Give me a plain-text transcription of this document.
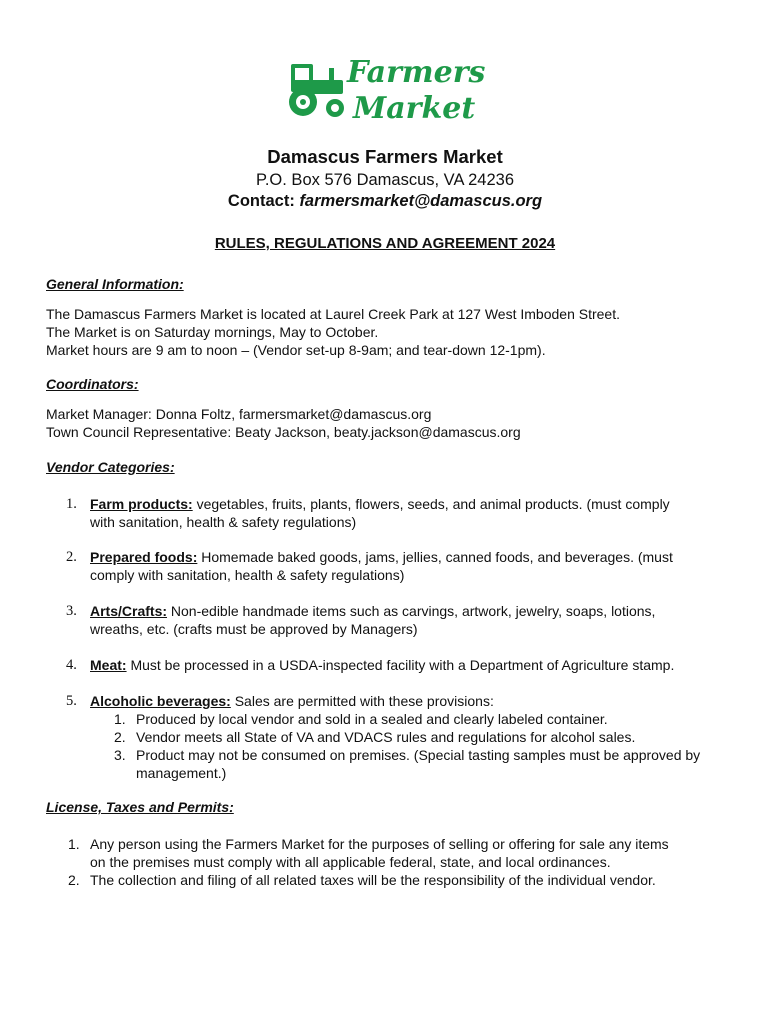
Farmers
Market
Damascus Farmers Market
P.O. Box 576 Damascus, VA 24236
Contact: farmersmarket@damascus.org
RULES, REGULATIONS AND AGREEMENT 2024
General Information:
The Damascus Farmers Market is located at Laurel Creek Park at 127 West Imboden Street.
The Market is on Saturday mornings, May to October.
Market hours are 9 am to noon – (Vendor set-up 8-9am; and tear-down 12-1pm).
Coordinators:
Market Manager: Donna Foltz, farmersmarket@damascus.org
Town Council Representative: Beaty Jackson, beaty.jackson@damascus.org
Vendor Categories:
1. Farm products: vegetables, fruits, plants, flowers, seeds, and animal products. (must comply
with sanitation, health & safety regulations)
2. Prepared foods: Homemade baked goods, jams, jellies, canned foods, and beverages. (must
comply with sanitation, health & safety regulations)
3. Arts/Crafts: Non-edible handmade items such as carvings, artwork, jewelry, soaps, lotions,
wreaths, etc. (crafts must be approved by Managers)
4. Meat: Must be processed in a USDA-inspected facility with a Department of Agriculture stamp.
5. Alcoholic beverages: Sales are permitted with these provisions:
1. Produced by local vendor and sold in a sealed and clearly labeled container.
2. Vendor meets all State of VA and VDACS rules and regulations for alcohol sales.
3. Product may not be consumed on premises. (Special tasting samples must be approved by
management.)
License, Taxes and Permits:
1. Any person using the Farmers Market for the purposes of selling or offering for sale any items
on the premises must comply with all applicable federal, state, and local ordinances.
2. The collection and filing of all related taxes will be the responsibility of the individual vendor.
